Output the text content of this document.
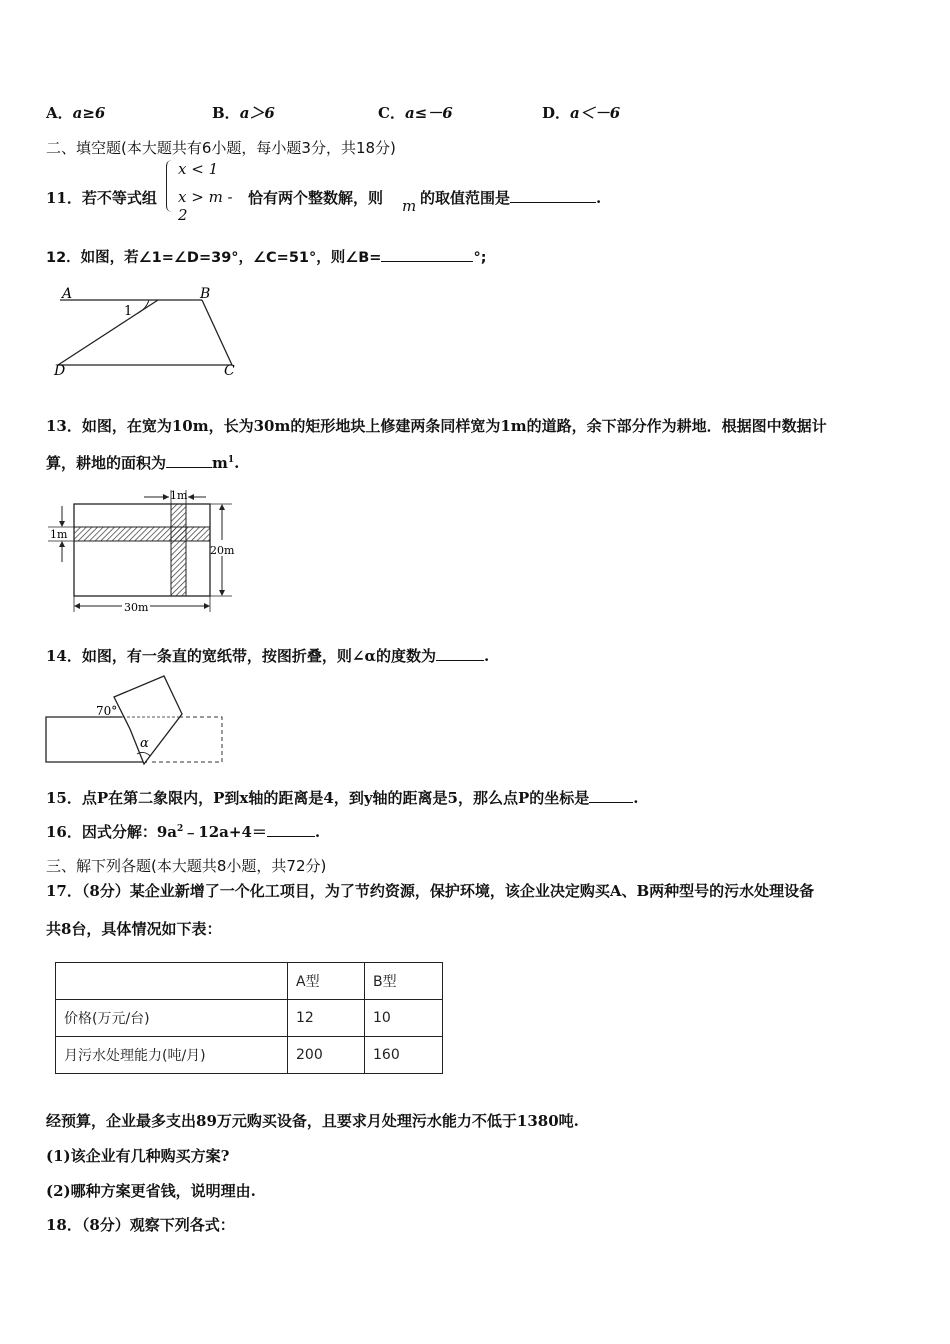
A．a≥6	B．a＞6	C．a≤－6	D．a＜－6
二、填空题(本大题共有6小题，每小题3分，共18分)
11．若不等式组
x < 1
x > m - 2
恰有两个整数解，则 m 的取值范围是	.
12．如图，若∠1=∠D=39°，∠C=51°，则∠B=	°;
A	B
C
D
1
13．如图，在宽为10m，长为30m的矩形地块上修建两条同样宽为1m的道路，余下部分作为耕地．根据图中数据计
算，耕地的面积为	$m^1$.
1m
1m
20m
30m
14．如图，有一条直的宽纸带，按图折叠，则∠α的度数为	.
70°
α
15．点P在第二象限内，P到x轴的距离是4，到y轴的距离是5，那么点P的坐标是	.
16．因式分解：$9a^2﹣12a+4=$	.
三、解下列各题(本大题共8小题，共72分)
17．（8分）某企业新增了一个化工项目，为了节约资源，保护环境，该企业决定购买A、B两种型号的污水处理设备
共8台，具体情况如下表：
	A型	B型
价格(万元/台)	12	10
月污水处理能力(吨/月)	200	160
经预算，企业最多支出89万元购买设备，且要求月处理污水能力不低于1380吨.
(1)该企业有几种购买方案?
(2)哪种方案更省钱，说明理由.
18．（8分）观察下列各式：
